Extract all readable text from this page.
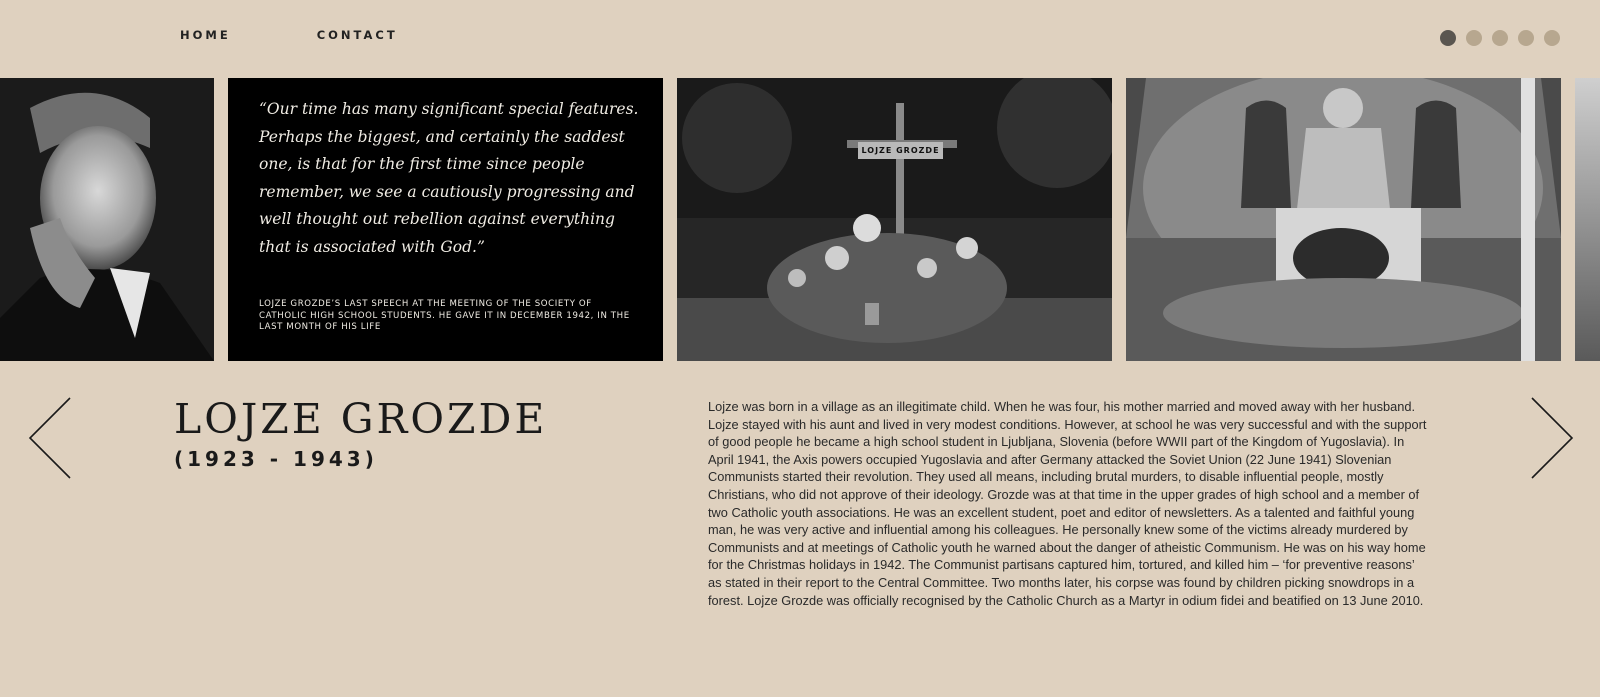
HOME	CONTACT

“Our time has many significant special features. Perhaps the biggest, and certainly the saddest one, is that for the first time since people remember, we see a cautiously progressing and well thought out rebellion against everything that is associated with God.”

LOJZE GROZDE’S LAST SPEECH AT THE MEETING OF THE SOCIETY OF CATHOLIC HIGH SCHOOL STUDENTS. HE GAVE IT IN DECEMBER 1942, IN THE LAST MONTH OF HIS LIFE

LOJZE GROZDE
LOJZE GROZDE
(1923 - 1943)

Lojze was born in a village as an illegitimate child. When he was four, his mother married and moved away with her husband. Lojze stayed with his aunt and lived in very modest conditions. However, at school he was very successful and with the support of good people he became a high school student in Ljubljana, Slovenia (before WWII part of the Kingdom of Yugoslavia). In April 1941, the Axis powers occupied Yugoslavia and after Germany attacked the Soviet Union (22 June 1941) Slovenian Communists started their revolution. They used all means, including brutal murders, to disable influential people, mostly Christians, who did not approve of their ideology. Grozde was at that time in the upper grades of high school and a member of two Catholic youth associations. He was an excellent student, poet and editor of newsletters. As a talented and faithful young man, he was very active and influential among his colleagues. He personally knew some of the victims already murdered by Communists and at meetings of Catholic youth he warned about the danger of atheistic Communism. He was on his way home for the Christmas holidays in 1942. The Communist partisans captured him, tortured, and killed him – ‘for preventive reasons’ as stated in their report to the Central Committee. Two months later, his corpse was found by children picking snowdrops in a forest. Lojze Grozde was officially recognised by the Catholic Church as a Martyr in odium fidei and beatified on 13 June 2010.
